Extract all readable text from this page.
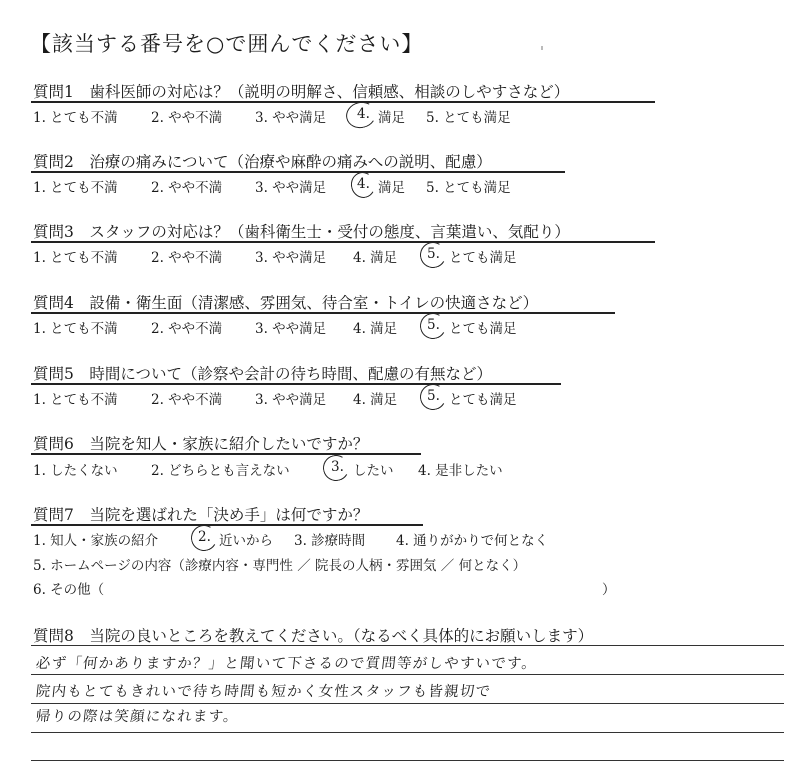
【該当する番号を○で囲んでください】
質問1　歯科医師の対応は？（説明の明解さ、信頼感、相談のしやすさなど）
1. とても不満 2. やや不満 3. やや満足 4. 満足 5. とても満足
質問2　治療の痛みについて（治療や麻酔の痛みへの説明、配慮）
1. とても不満 2. やや不満 3. やや満足 4. 満足 5. とても満足
質問3　スタッフの対応は？（歯科衛生士・受付の態度、言葉遣い、気配り）
1. とても不満 2. やや不満 3. やや満足 4. 満足 5. とても満足
質問4　設備・衛生面（清潔感、雰囲気、待合室・トイレの快適さなど）
1. とても不満 2. やや不満 3. やや満足 4. 満足 5. とても満足
質問5　時間について（診察や会計の待ち時間、配慮の有無など）
1. とても不満 2. やや不満 3. やや満足 4. 満足 5. とても満足
質問6　当院を知人・家族に紹介したいですか？
1. したくない 2. どちらとも言えない	3. したい 4. 是非したい
質問7　当院を選ばれた「決め手」は何ですか？
1. 知人・家族の紹介	2. 近いから 3. 診療時間 4. 通りがかりで何となく
5. ホームページの内容（診療内容・専門性 ／ 院長の人柄・雰囲気 ／ 何となく）
6. その他（	）
質問8　当院の良いところを教えてください。（なるべく具体的にお願いします）
必ず「何かありますか？」と聞いて下さるので質問等がしやすいです。
院内もとてもきれいで待ち時間も短かく女性スタッフも皆親切で
帰りの際は笑顔になれます。
